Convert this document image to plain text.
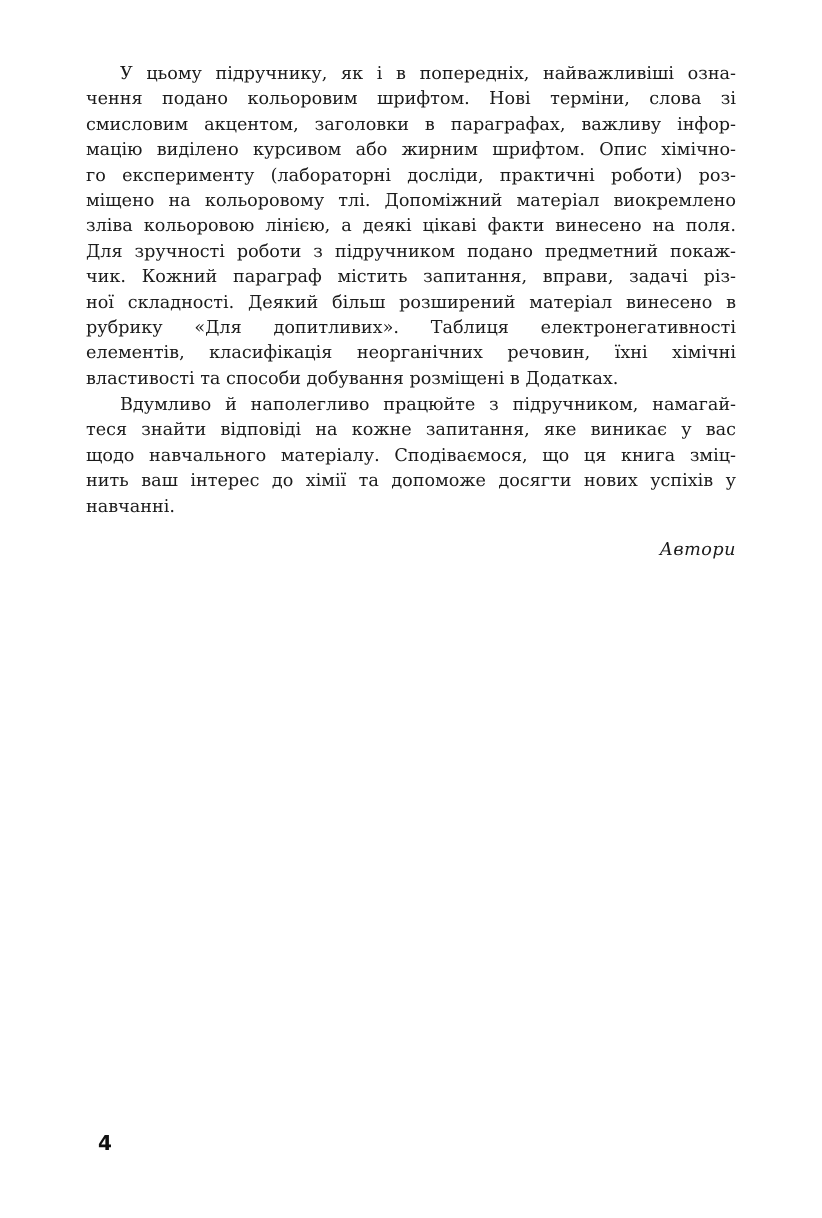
У цьому підручнику, як і в попередніх, найважливіші озна-
чення подано кольоровим шрифтом. Нові терміни, слова зі
смисловим акцентом, заголовки в параграфах, важливу інфор-
мацію виділено курсивом або жирним шрифтом. Опис хімічно-
го експерименту (лабораторні досліди, практичні роботи) роз-
міщено на кольоровому тлі. Допоміжний матеріал виокремлено
зліва кольоровою лінією, а деякі цікаві факти винесено на поля.
Для зручності роботи з підручником подано предметний покаж-
чик. Кожний параграф містить запитання, вправи, задачі різ-
ної складності. Деякий більш розширений матеріал винесено в
рубрику «Для допитливих». Таблиця електронегативності
елементів, класифікація неорганічних речовин, їхні хімічні
властивості та способи добування розміщені в Додатках.
Вдумливо й наполегливо працюйте з підручником, намагай-
теся знайти відповіді на кожне запитання, яке виникає у вас
щодо навчального матеріалу. Сподіваємося, що ця книга зміц-
нить ваш інтерес до хімії та допоможе досягти нових успіхів у
навчанні.
Автори
4
